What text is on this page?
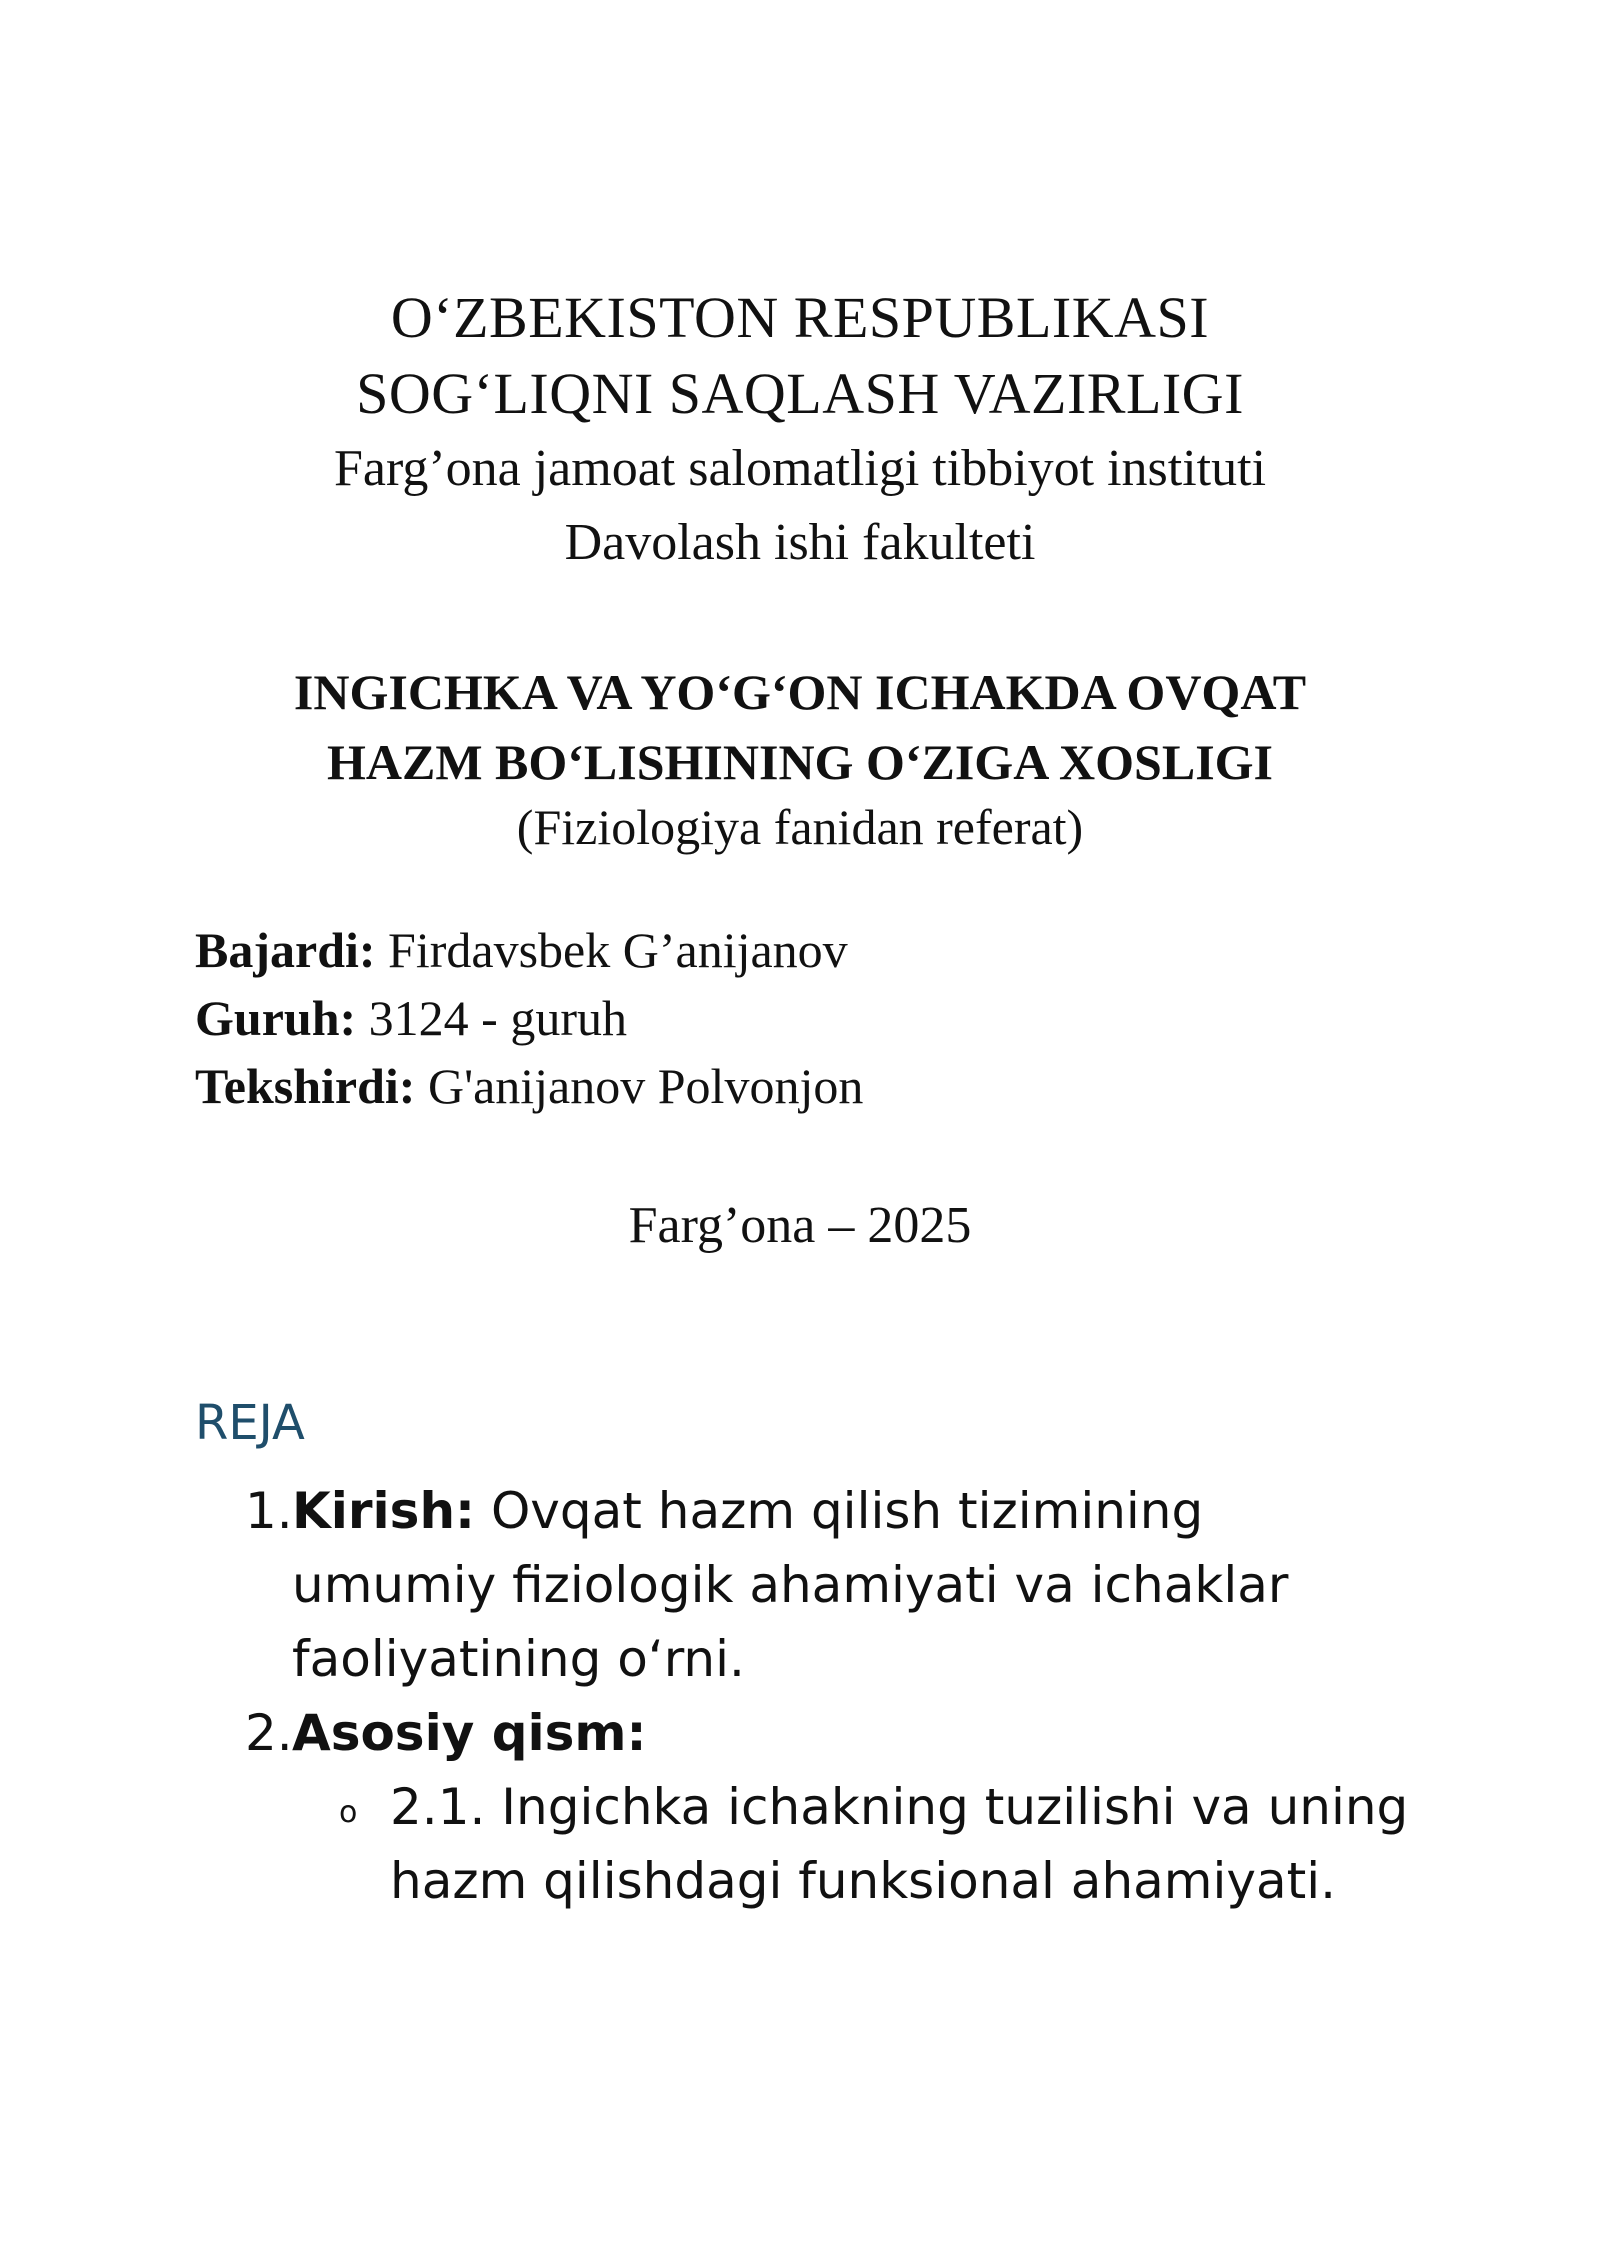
O‘ZBEKISTON RESPUBLIKASI
SOG‘LIQNI SAQLASH VAZIRLIGI
Farg’ona jamoat salomatligi tibbiyot instituti
Davolash ishi fakulteti
INGICHKA VA YO‘G‘ON ICHAKDA OVQAT
HAZM BO‘LISHINING O‘ZIGA XOSLIGI
(Fiziologiya fanidan referat)
Bajardi: Firdavsbek G’anijanov
Guruh: 3124 - guruh
Tekshirdi: G'anijanov Polvonjon
Farg’ona – 2025
REJA
1. Kirish: Ovqat hazm qilish tizimining
umumiy fiziologik ahamiyati va ichaklar
faoliyatining o‘rni.
2. Asosiy qism:
o 2.1. Ingichka ichakning tuzilishi va uning
hazm qilishdagi funksional ahamiyati.
